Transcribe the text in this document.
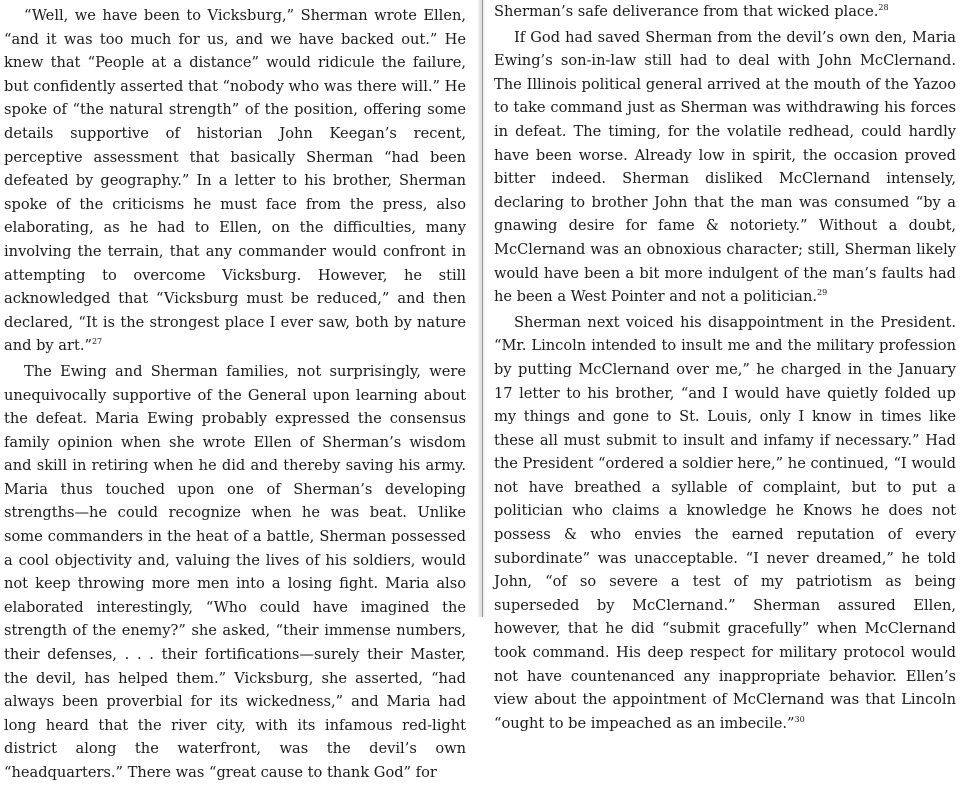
“Well, we have been to Vicksburg,” Sherman wrote Ellen, “and it was too much for us, and we have backed out.” He knew that “People at a distance” would ridicule the failure, but confidently asserted that “nobody who was there will.” He spoke of “the natural strength” of the position, offering some details supportive of historian John Keegan’s recent, perceptive assessment that basically Sherman “had been defeated by geography.” In a letter to his brother, Sherman spoke of the criticisms he must face from the press, also elaborating, as he had to Ellen, on the difficulties, many involving the terrain, that any commander would confront in attempting to overcome Vicksburg. However, he still acknowledged that “Vicksburg must be reduced,” and then declared, “It is the strongest place I ever saw, both by nature and by art.”$^{27}$

The Ewing and Sherman families, not surprisingly, were unequivocally supportive of the General upon learning about the defeat. Maria Ewing probably expressed the consensus family opinion when she wrote Ellen of Sherman’s wisdom and skill in retiring when he did and thereby saving his army. Maria thus touched upon one of Sherman’s developing strengths—he could recognize when he was beat. Unlike some commanders in the heat of a battle, Sherman possessed a cool objectivity and, valuing the lives of his soldiers, would not keep throwing more men into a losing fight. Maria also elaborated interestingly, “Who could have imagined the strength of the enemy?” she asked, “their immense numbers, their defenses, . . . their fortifications—surely their Master, the devil, has helped them.” Vicksburg, she asserted, “had always been proverbial for its wickedness,” and Maria had long heard that the river city, with its infamous red-light district along the waterfront, was the devil’s own “headquarters.” There was “great cause to thank God” for

Sherman’s safe deliverance from that wicked place.$^{28}$

If God had saved Sherman from the devil’s own den, Maria Ewing’s son-in-law still had to deal with John McClernand. The Illinois political general arrived at the mouth of the Yazoo to take command just as Sherman was withdrawing his forces in defeat. The timing, for the volatile redhead, could hardly have been worse. Already low in spirit, the occasion proved bitter indeed. Sherman disliked McClernand intensely, declaring to brother John that the man was consumed “by a gnawing desire for fame & notoriety.” Without a doubt, McClernand was an obnoxious character; still, Sherman likely would have been a bit more indulgent of the man’s faults had he been a West Pointer and not a politician.$^{29}$

Sherman next voiced his disappointment in the President. “Mr. Lincoln intended to insult me and the military profession by putting McClernand over me,” he charged in the January 17 letter to his brother, “and I would have quietly folded up my things and gone to St. Louis, only I know in times like these all must submit to insult and infamy if necessary.” Had the President “ordered a soldier here,” he continued, “I would not have breathed a syllable of complaint, but to put a politician who claims a knowledge he Knows he does not possess & who envies the earned reputation of every subordinate” was unacceptable. “I never dreamed,” he told John, “of so severe a test of my patriotism as being superseded by McClernand.” Sherman assured Ellen, however, that he did “submit gracefully” when McClernand took command. His deep respect for military protocol would not have countenanced any inappropriate behavior. Ellen’s view about the appointment of McClernand was that Lincoln “ought to be impeached as an imbecile.”$^{30}$
